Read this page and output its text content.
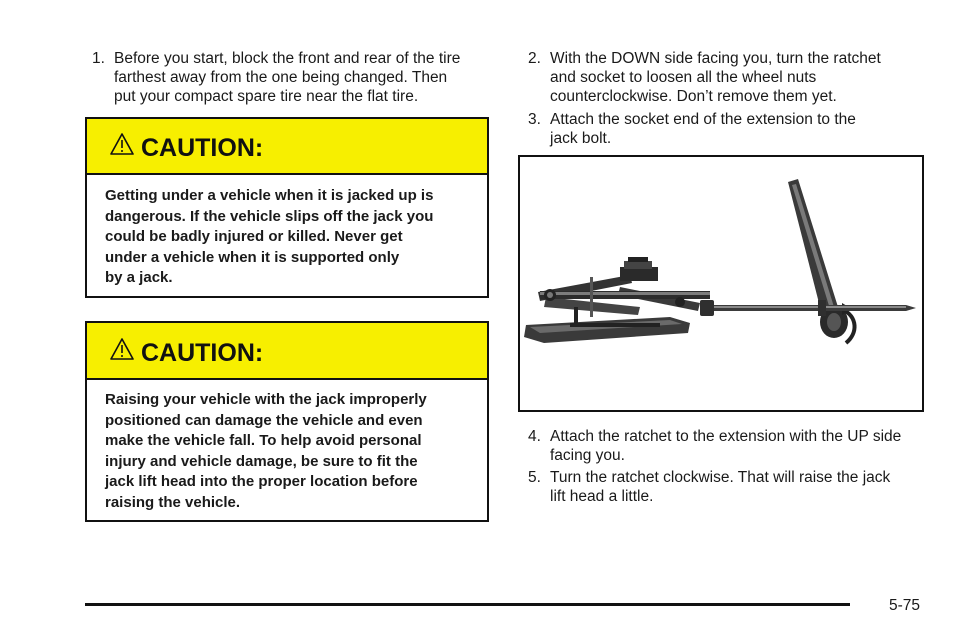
1. Before you start, block the front and rear of the tire
farthest away from the one being changed. Then
put your compact spare tire near the flat tire.
CAUTION:
Getting under a vehicle when it is jacked up is
dangerous. If the vehicle slips off the jack you
could be badly injured or killed. Never get
under a vehicle when it is supported only
by a jack.
CAUTION:
Raising your vehicle with the jack improperly
positioned can damage the vehicle and even
make the vehicle fall. To help avoid personal
injury and vehicle damage, be sure to fit the
jack lift head into the proper location before
raising the vehicle.
2. With the DOWN side facing you, turn the ratchet
and socket to loosen all the wheel nuts
counterclockwise. Don’t remove them yet.
3. Attach the socket end of the extension to the
jack bolt.
4. Attach the ratchet to the extension with the UP side
facing you.
5. Turn the ratchet clockwise. That will raise the jack
lift head a little.
5-75
